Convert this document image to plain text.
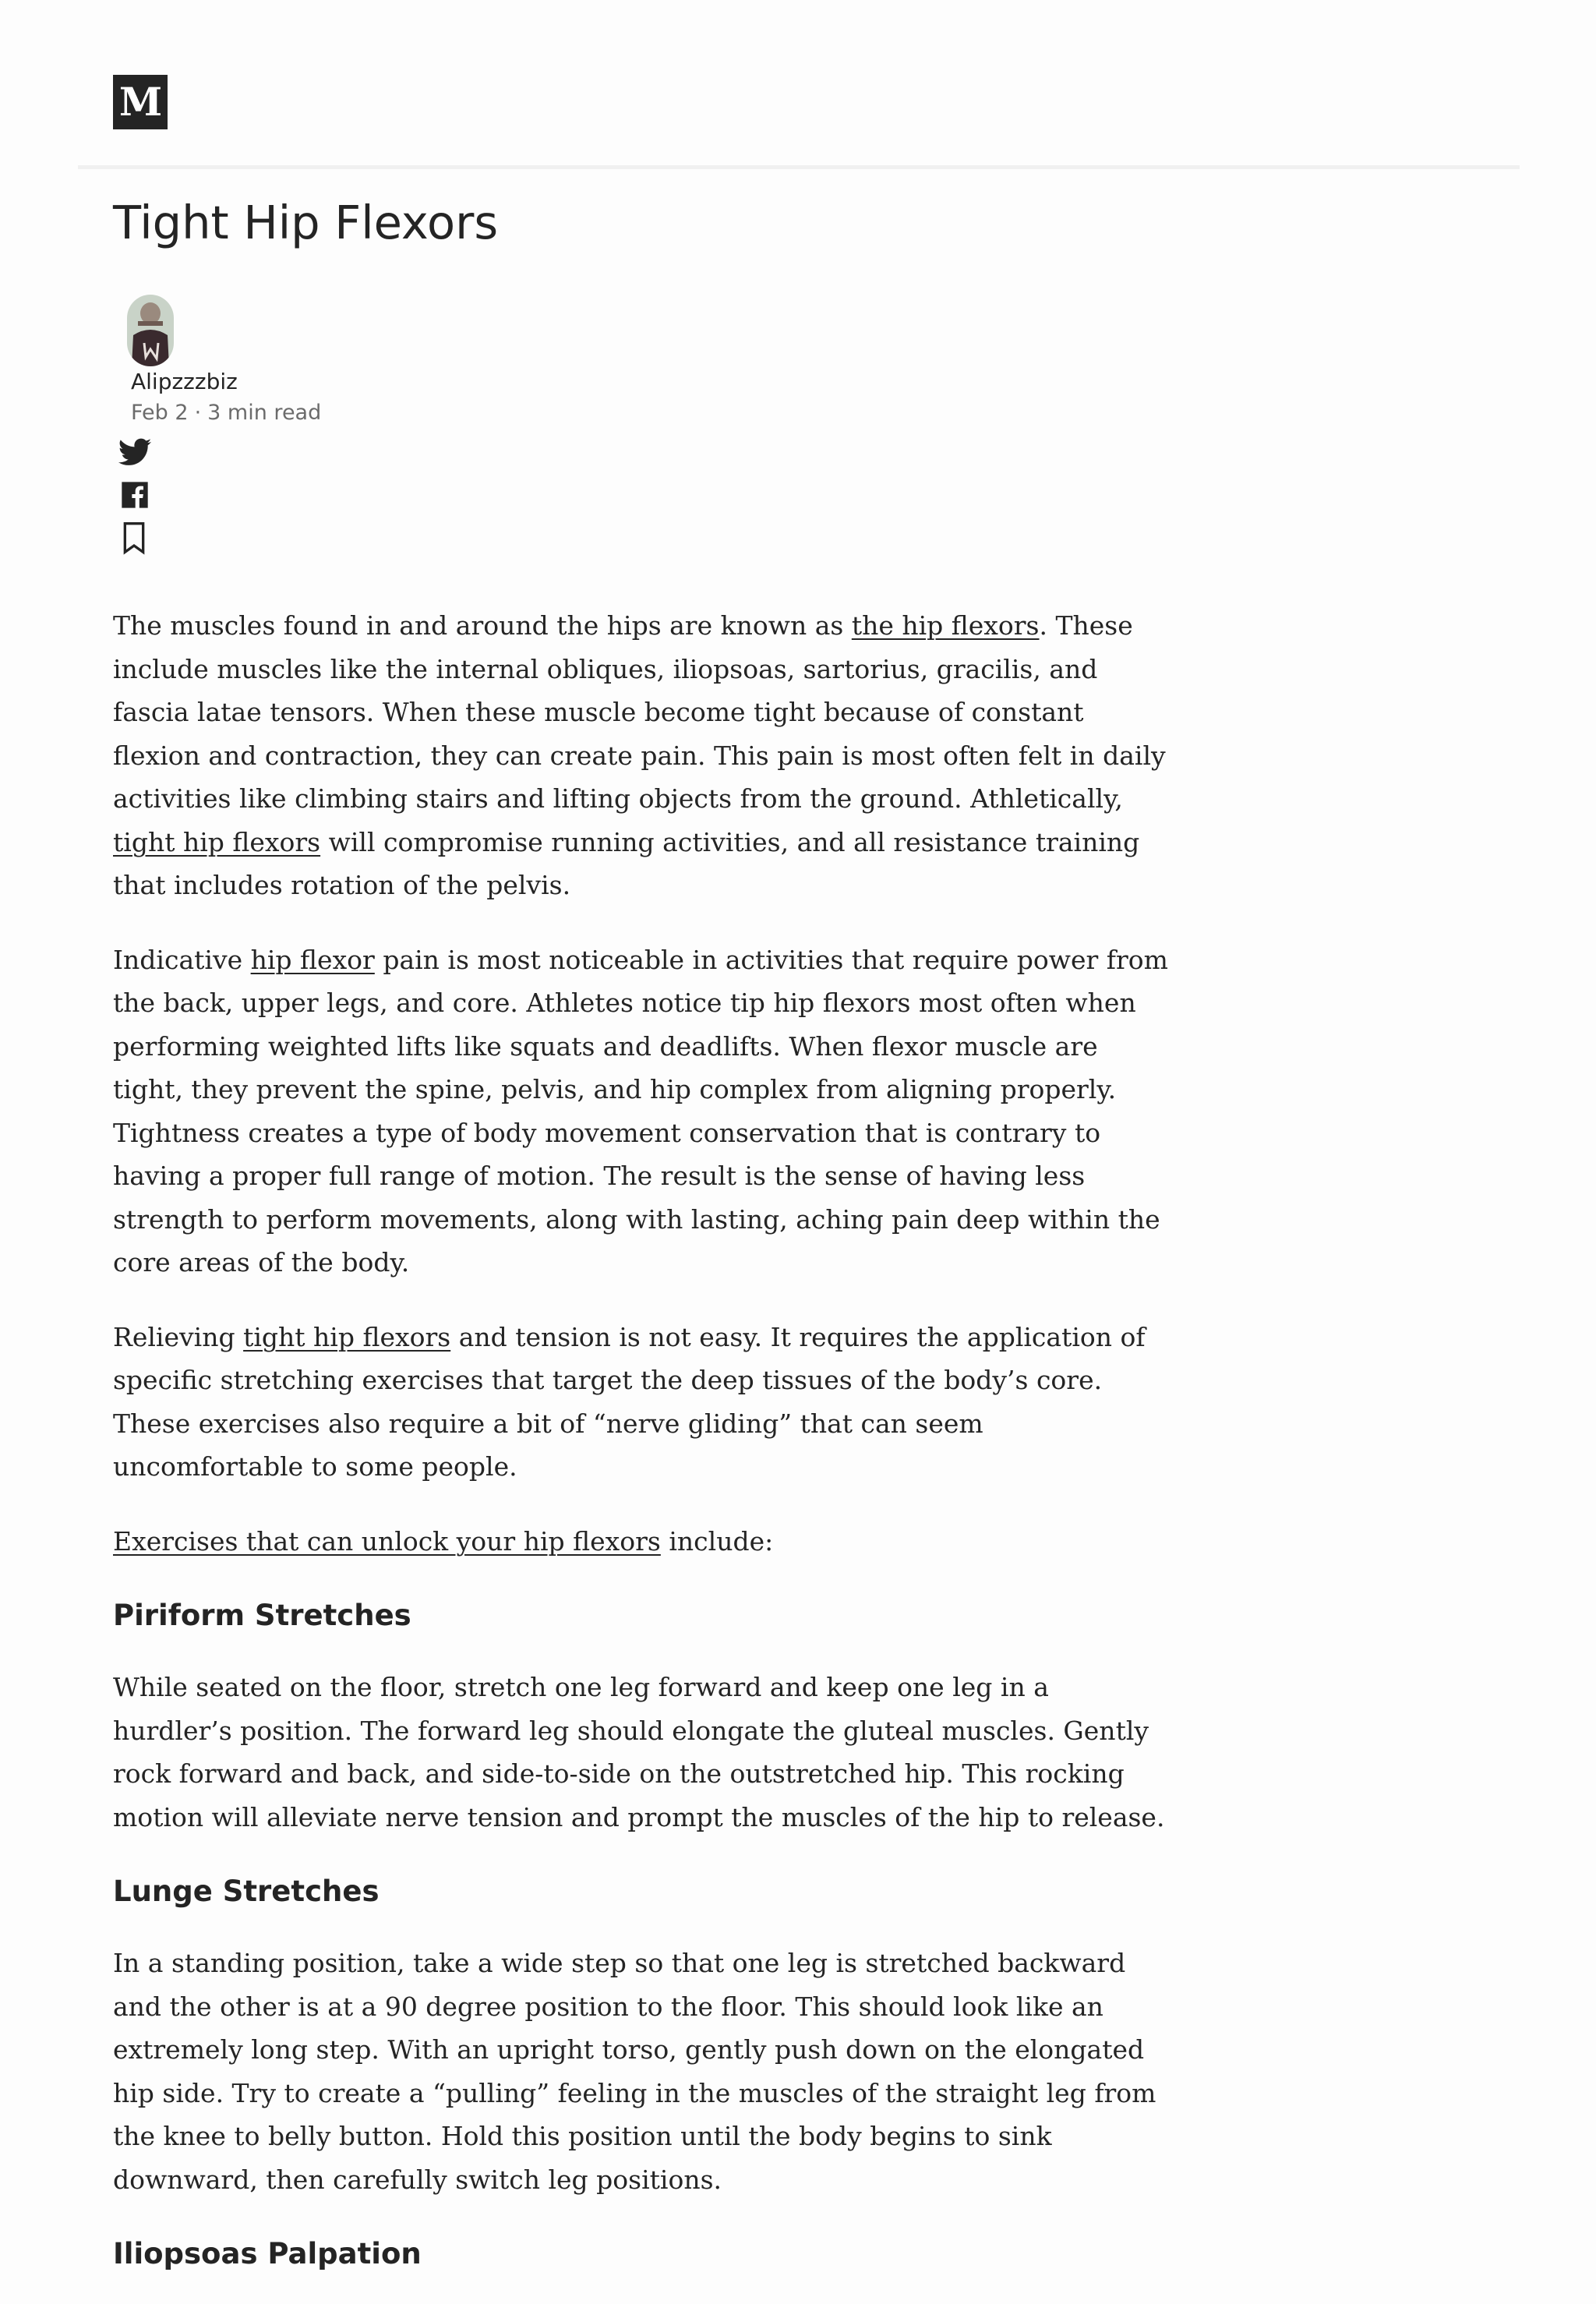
M
Tight Hip Flexors
Alipzzzbiz
Feb 2 · 3 min read

The muscles found in and around the hips are known as the hip flexors. These include muscles like the internal obliques, iliopsoas, sartorius, gracilis, and fascia latae tensors. When these muscle become tight because of constant flexion and contraction, they can create pain. This pain is most often felt in daily activities like climbing stairs and lifting objects from the ground. Athletically, tight hip flexors will compromise running activities, and all resistance training that includes rotation of the pelvis.

Indicative hip flexor pain is most noticeable in activities that require power from the back, upper legs, and core. Athletes notice tip hip flexors most often when performing weighted lifts like squats and deadlifts. When flexor muscle are tight, they prevent the spine, pelvis, and hip complex from aligning properly. Tightness creates a type of body movement conservation that is contrary to having a proper full range of motion. The result is the sense of having less strength to perform movements, along with lasting, aching pain deep within the core areas of the body.

Relieving tight hip flexors and tension is not easy. It requires the application of specific stretching exercises that target the deep tissues of the body’s core. These exercises also require a bit of “nerve gliding” that can seem uncomfortable to some people.

Exercises that can unlock your hip flexors include:

Piriform Stretches

While seated on the floor, stretch one leg forward and keep one leg in a hurdler’s position. The forward leg should elongate the gluteal muscles. Gently rock forward and back, and side-to-side on the outstretched hip. This rocking motion will alleviate nerve tension and prompt the muscles of the hip to release.

Lunge Stretches

In a standing position, take a wide step so that one leg is stretched backward and the other is at a 90 degree position to the floor. This should look like an extremely long step. With an upright torso, gently push down on the elongated hip side. Try to create a “pulling” feeling in the muscles of the straight leg from the knee to belly button. Hold this position until the body begins to sink downward, then carefully switch leg positions.

Iliopsoas Palpation
